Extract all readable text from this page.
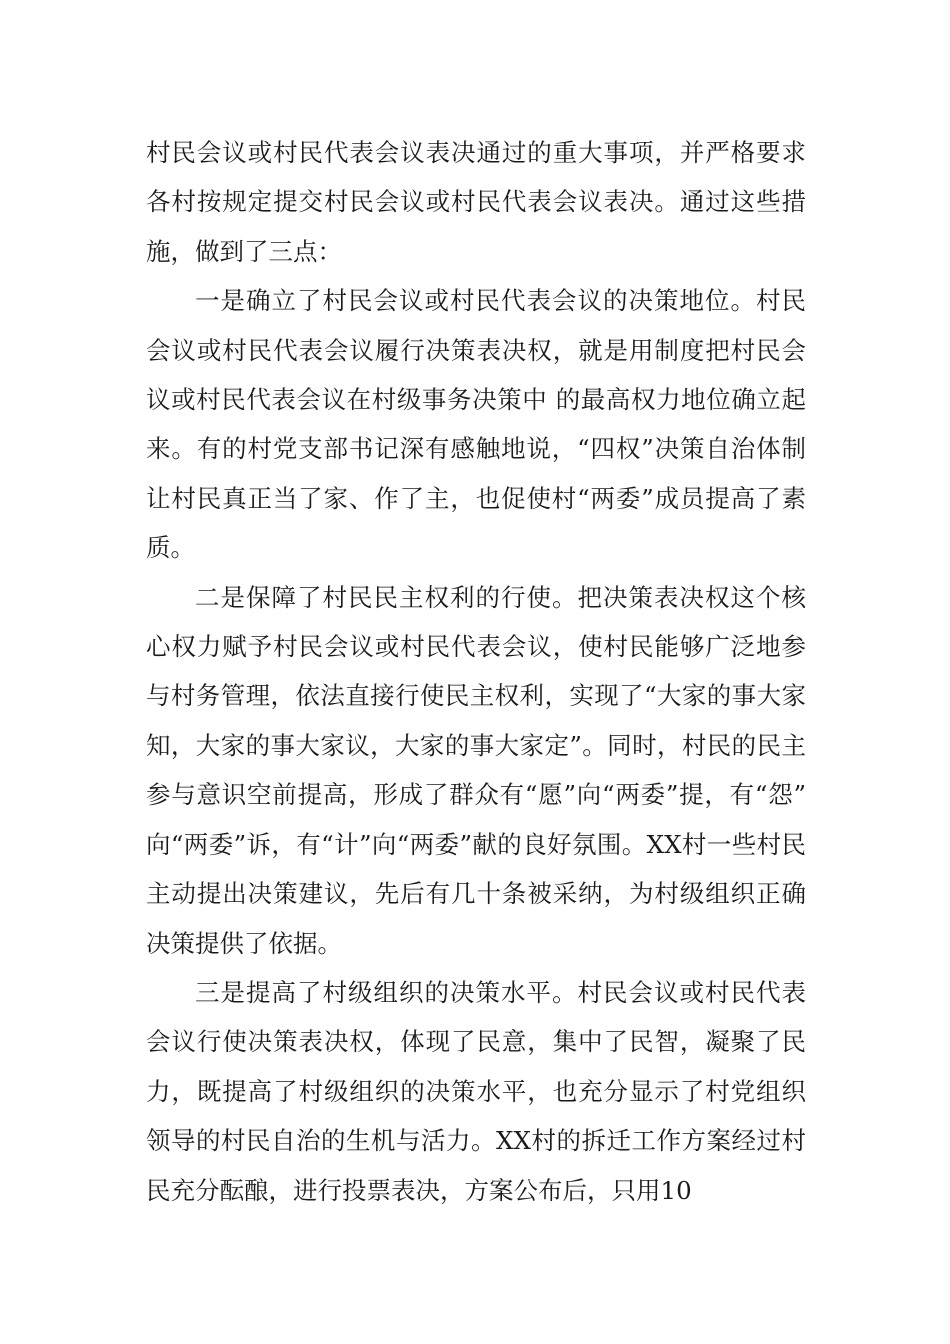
村民会议或村民代表会议表决通过的重大事项，并严格要求各村按规定提交村民会议或村民代表会议表决。通过这些措施，做到了三点：

一是确立了村民会议或村民代表会议的决策地位。村民会议或村民代表会议履行决策表决权，就是用制度把村民会议或村民代表会议在村级事务决策中 的最高权力地位确立起来。有的村党支部书记深有感触地说，“四权”决策自治体制让村民真正当了家、作了主，也促使村“两委”成员提高了素质。

二是保障了村民民主权利的行使。把决策表决权这个核心权力赋予村民会议或村民代表会议，使村民能够广泛地参与村务管理，依法直接行使民主权利，实现了“大家的事大家知，大家的事大家议，大家的事大家定”。同时，村民的民主参与意识空前提高，形成了群众有“愿”向“两委”提，有“怨”向“两委”诉，有“计”向“两委”献的良好氛围。XX村一些村民主动提出决策建议，先后有几十条被采纳，为村级组织正确决策提供了依据。

三是提高了村级组织的决策水平。村民会议或村民代表会议行使决策表决权，体现了民意，集中了民智，凝聚了民力，既提高了村级组织的决策水平，也充分显示了村党组织领导的村民自治的生机与活力。XX村的拆迁工作方案经过村民充分酝酿，进行投票表决，方案公布后，只用10
